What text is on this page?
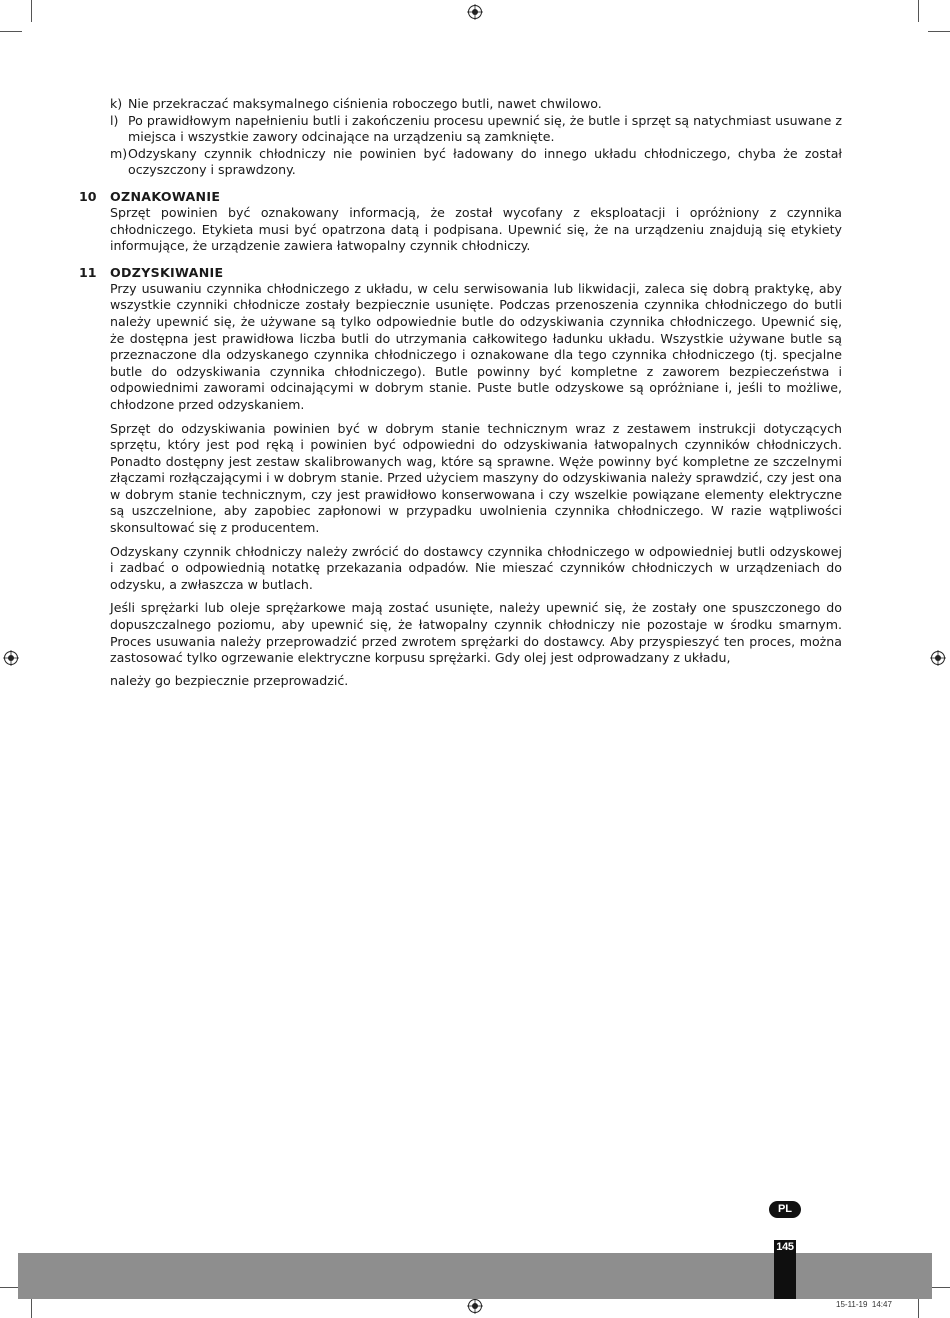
k) Nie przekraczać maksymalnego ciśnienia roboczego butli, nawet chwilowo.
l) Po prawidłowym napełnieniu butli i zakończeniu procesu upewnić się, że butle i sprzęt są natychmiast usuwane z miejsca i wszystkie zawory odcinające na urządzeniu są zamknięte.
m) Odzyskany czynnik chłodniczy nie powinien być ładowany do innego układu chłodniczego, chyba że został oczyszczony i sprawdzony.
10 OZNAKOWANIE

Sprzęt powinien być oznakowany informacją, że został wycofany z eksploatacji i opróżniony z czynnika chłodniczego. Etykieta musi być opatrzona datą i podpisana. Upewnić się, że na urządzeniu znajdują się etykiety informujące, że urządzenie zawiera łatwopalny czynnik chłodniczy.

11 ODZYSKIWANIE

Przy usuwaniu czynnika chłodniczego z układu, w celu serwisowania lub likwidacji, zaleca się dobrą praktykę, aby wszystkie czynniki chłodnicze zostały bezpiecznie usunięte. Podczas przenoszenia czynnika chłodniczego do butli należy upewnić się, że używane są tylko odpowiednie butle do odzyskiwania czynnika chłodniczego. Upewnić się, że dostępna jest prawidłowa liczba butli do utrzymania całkowitego ładunku układu. Wszystkie używane butle są przeznaczone dla odzyskanego czynnika chłodniczego i oznakowane dla tego czynnika chłodniczego (tj. specjalne butle do odzyskiwania czynnika chłodniczego). Butle powinny być kompletne z zaworem bezpieczeństwa i odpowiednimi zaworami odcinającymi w dobrym stanie. Puste butle odzyskowe są opróżniane i, jeśli to możliwe, chłodzone przed odzyskaniem.

Sprzęt do odzyskiwania powinien być w dobrym stanie technicznym wraz z zestawem instrukcji dotyczących sprzętu, który jest pod ręką i powinien być odpowiedni do odzyskiwania łatwopalnych czynników chłodniczych. Ponadto dostępny jest zestaw skalibrowanych wag, które są sprawne. Węże powinny być kompletne ze szczelnymi złączami rozłączającymi i w dobrym stanie. Przed użyciem maszyny do odzyskiwania należy sprawdzić, czy jest ona w dobrym stanie technicznym, czy jest prawidłowo konserwowana i czy wszelkie powiązane elementy elektryczne są uszczelnione, aby zapobiec zapłonowi w przypadku uwolnienia czynnika chłodniczego. W razie wątpliwości skonsultować się z producentem.

Odzyskany czynnik chłodniczy należy zwrócić do dostawcy czynnika chłodniczego w odpowiedniej butli odzyskowej i zadbać o odpowiednią notatkę przekazania odpadów. Nie mieszać czynników chłodniczych w urządzeniach do odzysku, a zwłaszcza w butlach.

Jeśli sprężarki lub oleje sprężarkowe mają zostać usunięte, należy upewnić się, że zostały one spuszczonego do dopuszczalnego poziomu, aby upewnić się, że łatwopalny czynnik chłodniczy nie pozostaje w środku smarnym. Proces usuwania należy przeprowadzić przed zwrotem sprężarki do dostawcy. Aby przyspieszyć ten proces, można zastosować tylko ogrzewanie elektryczne korpusu sprężarki. Gdy olej jest odprowadzany z układu,

należy go bezpiecznie przeprowadzić.

PL
145
15-11-19  14:47
